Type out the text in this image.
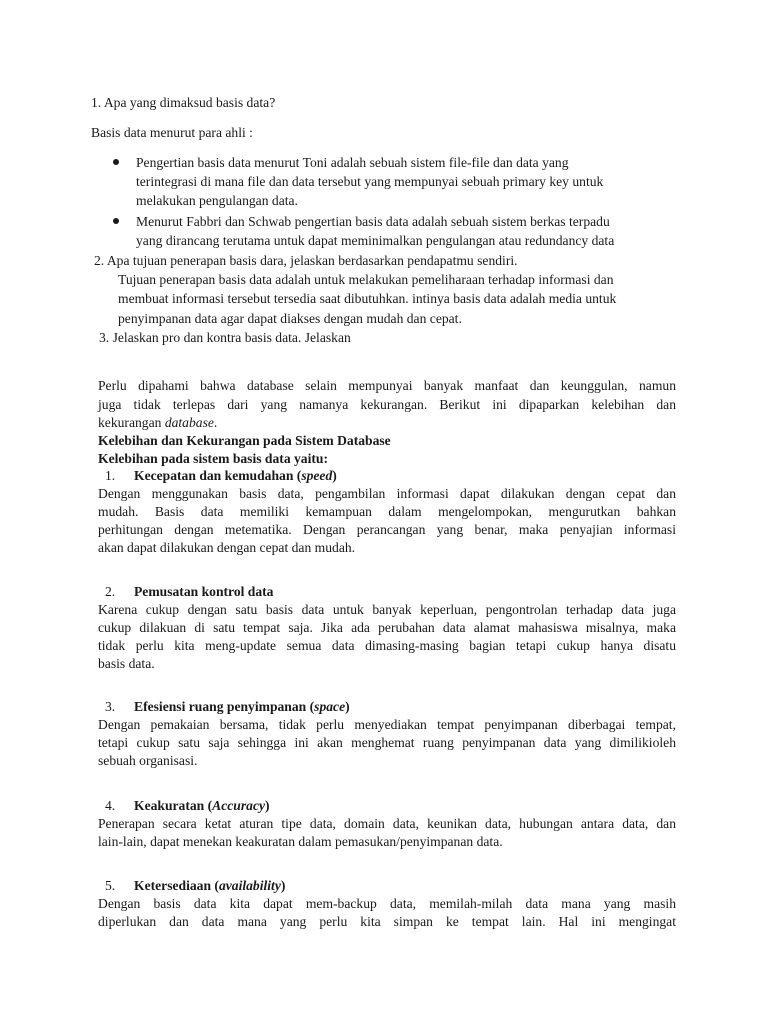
1. Apa yang dimaksud basis data?
Basis data menurut para ahli :
Pengertian basis data menurut Toni adalah sebuah sistem file-file dan data yang
terintegrasi di mana file dan data tersebut yang mempunyai sebuah primary key untuk
melakukan pengulangan data.
Menurut Fabbri dan Schwab pengertian basis data adalah sebuah sistem berkas terpadu
yang dirancang terutama untuk dapat meminimalkan pengulangan atau redundancy data
2. Apa tujuan penerapan basis dara, jelaskan berdasarkan pendapatmu sendiri.
Tujuan penerapan basis data adalah untuk melakukan pemeliharaan terhadap informasi dan
membuat informasi tersebut tersedia saat dibutuhkan. intinya basis data adalah media untuk
penyimpanan data agar dapat diakses dengan mudah dan cepat.
3. Jelaskan pro dan kontra basis data. Jelaskan
Perlu dipahami bahwa database selain mempunyai banyak manfaat dan keunggulan, namun
juga tidak terlepas dari yang namanya kekurangan. Berikut ini dipaparkan kelebihan dan
kekurangan database.
Kelebihan dan Kekurangan pada Sistem Database
Kelebihan pada sistem basis data yaitu:
1. Kecepatan dan kemudahan (speed)
Dengan menggunakan basis data, pengambilan informasi dapat dilakukan dengan cepat dan
mudah. Basis data memiliki kemampuan dalam mengelompokan, mengurutkan bahkan
perhitungan dengan metematika. Dengan perancangan yang benar, maka penyajian informasi
akan dapat dilakukan dengan cepat dan mudah.
2. Pemusatan kontrol data
Karena cukup dengan satu basis data untuk banyak keperluan, pengontrolan terhadap data juga
cukup dilakuan di satu tempat saja. Jika ada perubahan data alamat mahasiswa misalnya, maka
tidak perlu kita meng-update semua data dimasing-masing bagian tetapi cukup hanya disatu
basis data.
3. Efesiensi ruang penyimpanan (space)
Dengan pemakaian bersama, tidak perlu menyediakan tempat penyimpanan diberbagai tempat,
tetapi cukup satu saja sehingga ini akan menghemat ruang penyimpanan data yang dimilikioleh
sebuah organisasi.
4. Keakuratan (Accuracy)
Penerapan secara ketat aturan tipe data, domain data, keunikan data, hubungan antara data, dan
lain-lain, dapat menekan keakuratan dalam pemasukan/penyimpanan data.
5. Ketersediaan (availability)
Dengan basis data kita dapat mem-backup data, memilah-milah data mana yang masih
diperlukan dan data mana yang perlu kita simpan ke tempat lain. Hal ini mengingat
